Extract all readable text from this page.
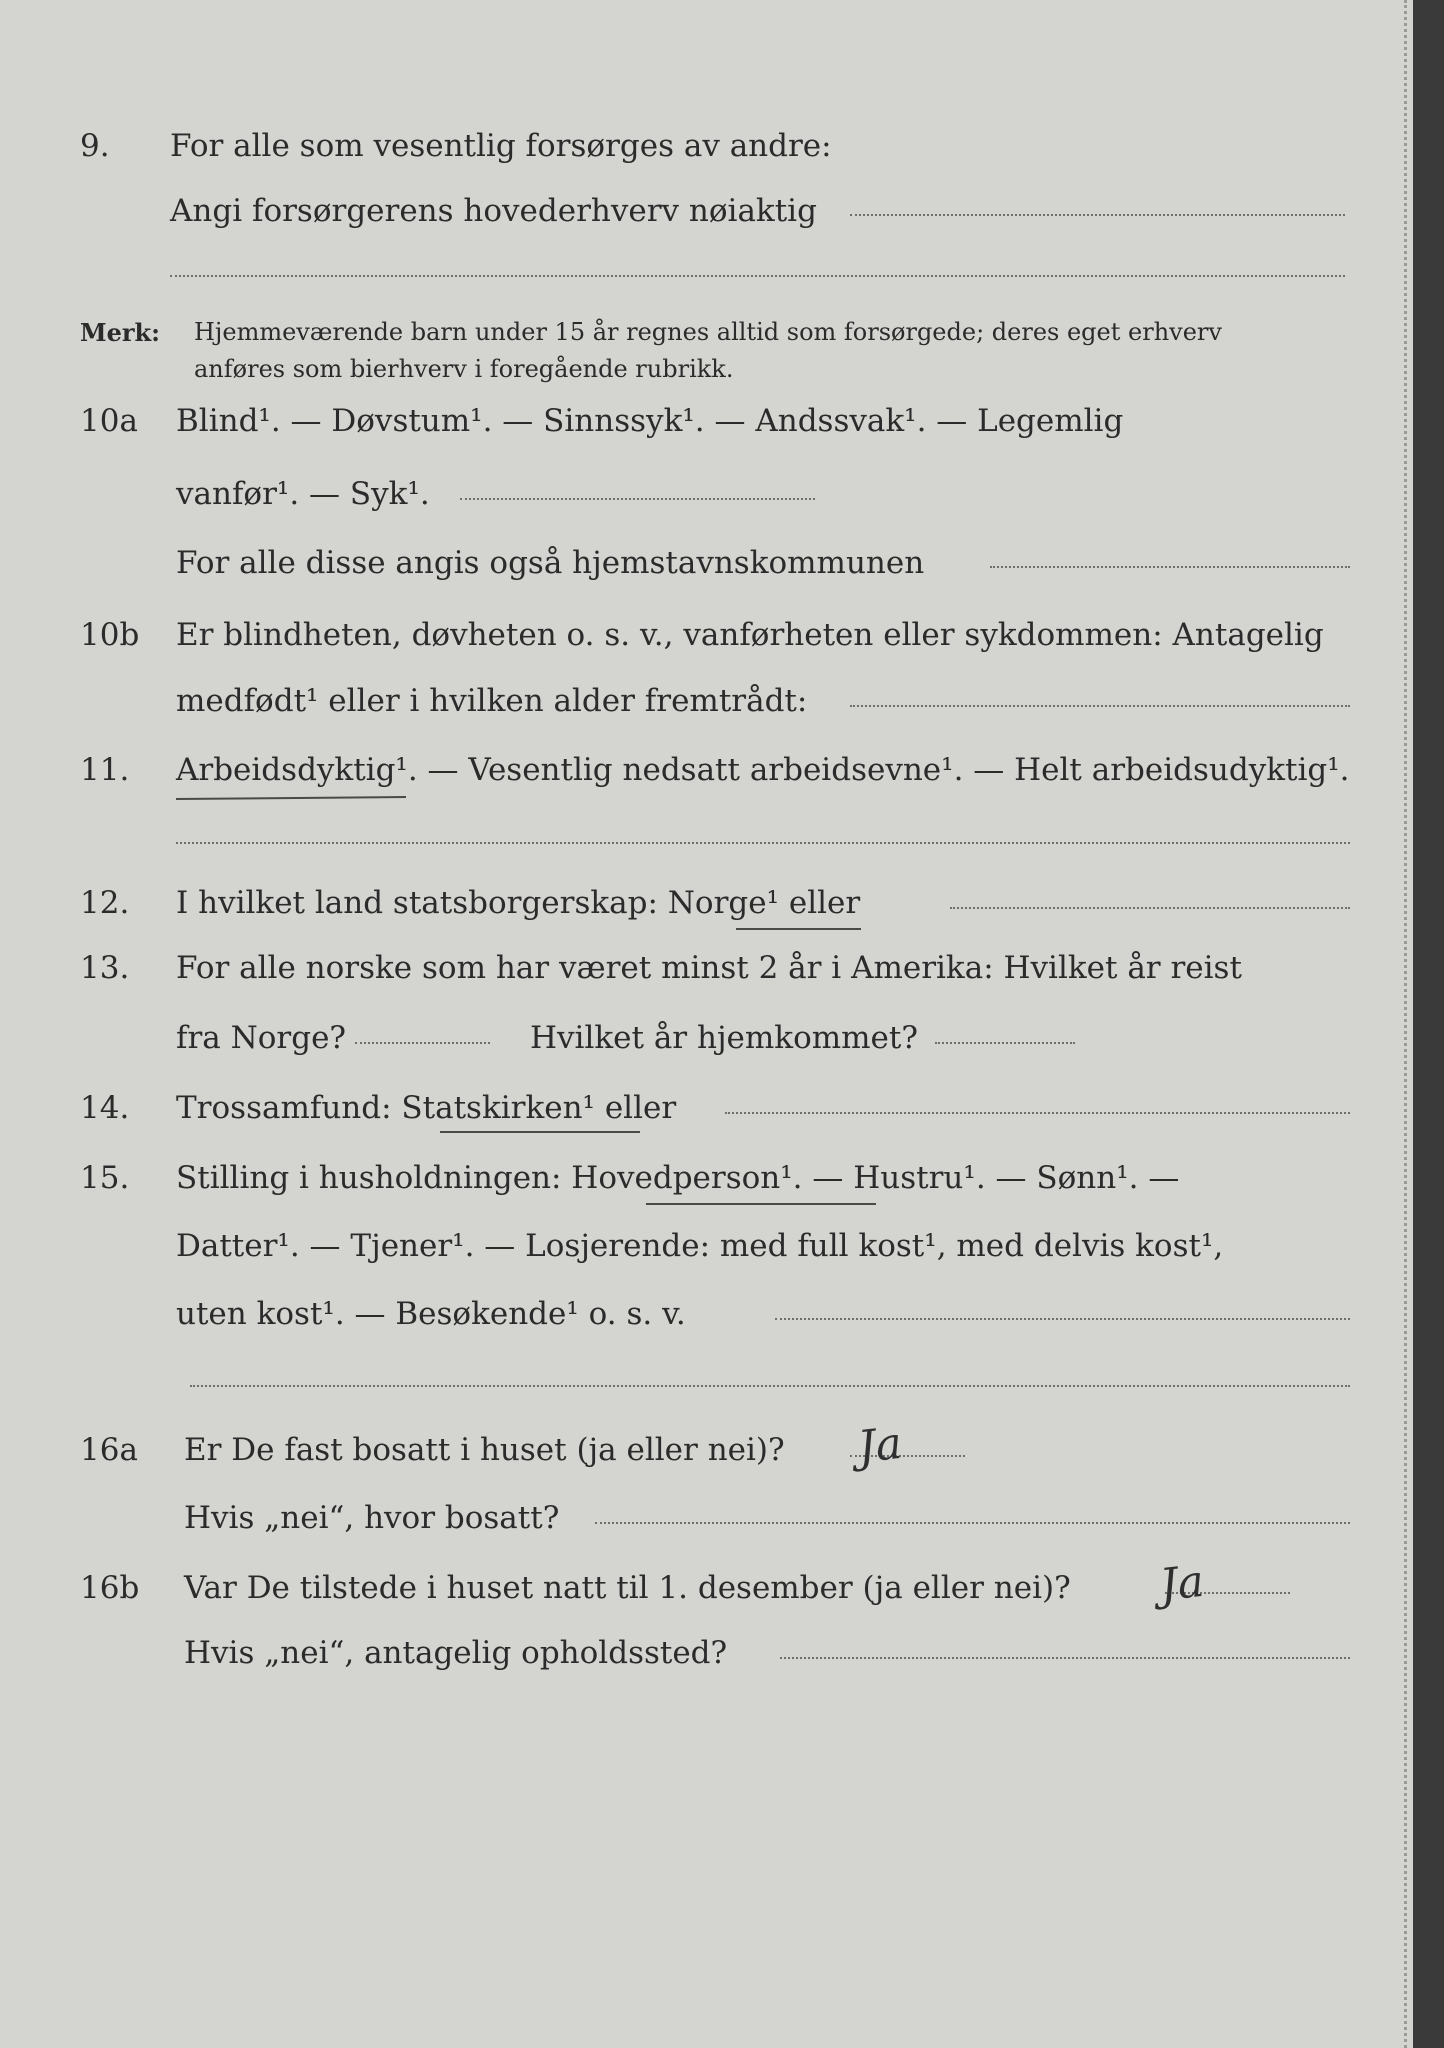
9. For alle som vesentlig forsørges av andre:
Angi forsørgerens hovederhverv nøiaktig
Merk: Hjemmeværende barn under 15 år regnes alltid som forsørgede; deres eget erhverv
anføres som bierhverv i foregående rubrikk.
10a Blind¹. — Døvstum¹. — Sinnssyk¹. — Andssvak¹. — Legemlig
vanfør¹. — Syk¹.
For alle disse angis også hjemstavnskommunen
10b Er blindheten, døvheten o. s. v., vanførheten eller sykdommen: Antagelig
medfødt¹ eller i hvilken alder fremtrådt:
11. Arbeidsdyktig¹. — Vesentlig nedsatt arbeidsevne¹. — Helt arbeidsudyktig¹.
12. I hvilket land statsborgerskap: Norge¹ eller
13. For alle norske som har været minst 2 år i Amerika: Hvilket år reist
fra Norge?	Hvilket år hjemkommet?
14. Trossamfund: Statskirken¹ eller
15. Stilling i husholdningen: Hovedperson¹. — Hustru¹. — Sønn¹. —
Datter¹. — Tjener¹. — Losjerende: med full kost¹, med delvis kost¹,
uten kost¹. — Besøkende¹ o. s. v.
16a Er De fast bosatt i huset (ja eller nei)? Ja
Hvis „nei“, hvor bosatt?
16b Var De tilstede i huset natt til 1. desember (ja eller nei)? Ja
Hvis „nei“, antagelig opholdssted?
